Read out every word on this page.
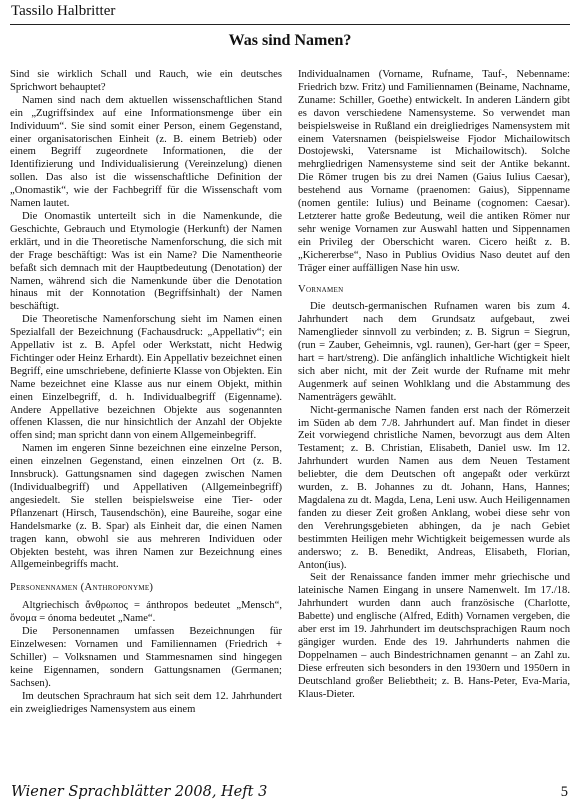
Tassilo Halbritter
Was sind Namen?

Sind sie wirklich Schall und Rauch, wie ein deutsches Sprichwort behauptet?

Namen sind nach dem aktuellen wissenschaftlichen Stand ein „Zugriffsindex auf eine Informationsmenge über ein Individuum“. Sie sind somit einer Person, einem Gegenstand, einer organisatorischen Einheit (z. B. einem Betrieb) oder einem Begriff zugeordnete Informationen, die der Identifizierung und Individualisierung (Vereinzelung) dienen sollen. Das also ist die wissenschaftliche Definition der „Onomastik“, wie der Fachbegriff für die Wissenschaft vom Namen lautet.

Die Onomastik unterteilt sich in die Namenkunde, die Geschichte, Gebrauch und Etymologie (Herkunft) der Namen erklärt, und in die Theoretische Namenforschung, die sich mit der Frage beschäftigt: Was ist ein Name? Die Namentheorie befaßt sich demnach mit der Hauptbedeutung (Denotation) der Namen, während sich die Namenkunde über die Denotation hinaus mit der Konnotation (Begriffsinhalt) der Namen beschäftigt.

Die Theoretische Namenforschung sieht im Namen einen Spezialfall der Bezeichnung (Fachausdruck: „Appellativ“; ein Appellativ ist z. B. Apfel oder Werkstatt, nicht Hedwig Fichtinger oder Heinz Erhardt). Ein Appellativ bezeichnet einen Begriff, eine umschriebene, definierte Klasse von Objekten. Ein Name bezeichnet eine Klasse aus nur einem Objekt, mithin einen Einzelbegriff, d. h. Individualbegriff (Eigenname). Andere Appellative bezeichnen Objekte aus sogenannten offenen Klassen, die nur hinsichtlich der Anzahl der Objekte offen sind; man spricht dann von einem Allgemeinbegriff.

Namen im engeren Sinne bezeichnen eine einzelne Person, einen einzelnen Gegenstand, einen einzelnen Ort (z. B. Innsbruck). Gattungsnamen sind dagegen zwischen Namen (Individualbegriff) und Appellativen (Allgemeinbegriff) angesiedelt. Sie stellen beispielsweise eine Tier- oder Pflanzenart (Hirsch, Tausendschön), eine Baureihe, sogar eine Handelsmarke (z. B. Spar) als Einheit dar, die einen Namen tragen kann, obwohl sie aus mehreren Individuen oder Objekten besteht, was ihren Namen zur Bezeichnung eines Allgemeinbegriffs macht.

Personennamen (Anthroponyme)

Altgriechisch ἄνθρωπος = ánthropos bedeutet „Mensch“, ὄνομα = ónoma bedeutet „Name“.

Die Personennamen umfassen Bezeichnungen für Einzelwesen: Vornamen und Familiennamen (Friedrich + Schiller) – Volksnamen und Stammesnamen sind hingegen keine Eigennamen, sondern Gattungsnamen (Germanen; Sachsen).

Im deutschen Sprachraum hat sich seit dem 12. Jahrhundert ein zweigliedriges Namensystem aus einem

Individualnamen (Vorname, Rufname, Tauf-, Nebenname: Friedrich bzw. Fritz) und Familiennamen (Beiname, Nachname, Zuname: Schiller, Goethe) entwickelt. In anderen Ländern gibt es davon verschiedene Namensysteme. So verwendet man beispielsweise in Rußland ein dreigliedriges Namensystem mit einem Vatersnamen (beispielsweise Fjodor Michailowitsch Dostojewski, Vatersname ist Michailowitsch). Solche mehrgliedrigen Namensysteme sind seit der Antike bekannt. Die Römer trugen bis zu drei Namen (Gaius Iulius Caesar), bestehend aus Vorname (praenomen: Gaius), Sippenname (nomen gentile: Iulius) und Beiname (cognomen: Caesar). Letzterer hatte große Bedeutung, weil die antiken Römer nur sehr wenige Vornamen zur Auswahl hatten und Sippennamen ein Privileg der Oberschicht waren. Cicero heißt z. B. „Kichererbse“, Naso in Publius Ovidius Naso deutet auf den Träger einer auffälligen Nase hin usw.

Vornamen

Die deutsch-germanischen Rufnamen waren bis zum 4. Jahrhundert nach dem Grundsatz aufgebaut, zwei Namenglieder sinnvoll zu verbinden; z. B. Sigrun = Siegrun, (run = Zauber, Geheimnis, vgl. raunen), Ger-hart (ger = Speer, hart = hart/streng). Die anfänglich inhaltliche Wichtigkeit hielt sich aber nicht, mit der Zeit wurde der Rufname mit mehr Augenmerk auf seinen Wohlklang und die Abstammung des Namenträgers gewählt.

Nicht-germanische Namen fanden erst nach der Römerzeit im Süden ab dem 7./8. Jahrhundert auf. Man findet in dieser Zeit vorwiegend christliche Namen, bevorzugt aus dem Alten Testament; z. B. Christian, Elisabeth, Daniel usw. Im 12. Jahrhundert wurden Namen aus dem Neuen Testament beliebter, die dem Deutschen oft angepaßt oder verkürzt wurden, z. B. Johannes zu dt. Johann, Hans, Hannes; Magdalena zu dt. Magda, Lena, Leni usw. Auch Heiligennamen fanden zu dieser Zeit großen Anklang, wobei diese sehr von den Verehrungsgebieten abhingen, da je nach Gebiet bestimmten Heiligen mehr Wichtigkeit beigemessen wurde als anderswo; z. B. Benedikt, Andreas, Elisabeth, Florian, Anton(ius).

Seit der Renaissance fanden immer mehr griechische und lateinische Namen Eingang in unsere Namenwelt. Im 17./18. Jahrhundert wurden dann auch französische (Charlotte, Babette) und englische (Alfred, Edith) Vornamen vergeben, die aber erst im 19. Jahrhundert im deutschsprachigen Raum noch gängiger wurden. Ende des 19. Jahrhunderts nahmen die Doppelnamen – auch Bindestrichnamen genannt – an Zahl zu. Diese erfreuten sich besonders in den 1930ern und 1950ern in Deutschland großer Beliebtheit; z. B. Hans-Peter, Eva-Maria, Klaus-Dieter.

Wiener Sprachblätter 2008, Heft 3	5
